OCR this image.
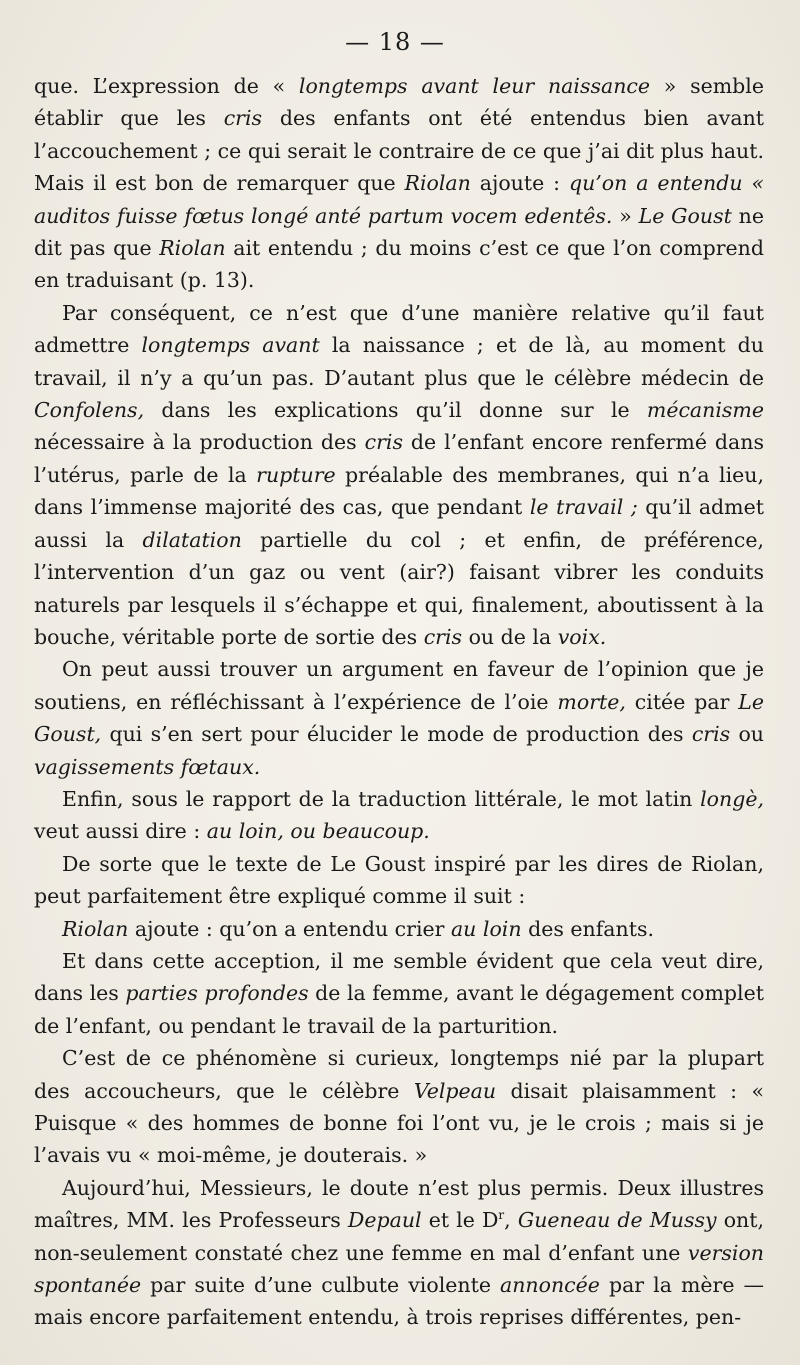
— 18 —

que. L’expression de « longtemps avant leur naissance » semble établir que les cris des enfants ont été entendus bien avant l’accouchement ; ce qui serait le contraire de ce que j’ai dit plus haut. Mais il est bon de remarquer que Riolan ajoute : qu’on a entendu « auditos fuisse fœtus longé anté partum vocem edentês. » Le Goust ne dit pas que Riolan ait entendu ; du moins c’est ce que l’on comprend en traduisant (p. 13).

Par conséquent, ce n’est que d’une manière relative qu’il faut admettre longtemps avant la naissance ; et de là, au moment du travail, il n’y a qu’un pas. D’autant plus que le célèbre médecin de Confolens, dans les explications qu’il donne sur le mécanisme nécessaire à la production des cris de l’enfant encore renfermé dans l’utérus, parle de la rupture préalable des membranes, qui n’a lieu, dans l’immense majorité des cas, que pendant le travail ; qu’il admet aussi la dilatation partielle du col ; et enfin, de préférence, l’intervention d’un gaz ou vent (air?) faisant vibrer les conduits naturels par lesquels il s’échappe et qui, finalement, aboutissent à la bouche, véritable porte de sortie des cris ou de la voix.

On peut aussi trouver un argument en faveur de l’opinion que je soutiens, en réfléchissant à l’expérience de l’oie morte, citée par Le Goust, qui s’en sert pour élucider le mode de production des cris ou vagissements fœtaux.

Enfin, sous le rapport de la traduction littérale, le mot latin longè, veut aussi dire : au loin, ou beaucoup.

De sorte que le texte de Le Goust inspiré par les dires de Riolan, peut parfaitement être expliqué comme il suit :

Riolan ajoute : qu’on a entendu crier au loin des enfants.

Et dans cette acception, il me semble évident que cela veut dire, dans les parties profondes de la femme, avant le dégagement complet de l’enfant, ou pendant le travail de la parturition.

C’est de ce phénomène si curieux, longtemps nié par la plupart des accoucheurs, que le célèbre Velpeau disait plaisamment : « Puisque « des hommes de bonne foi l’ont vu, je le crois ; mais si je l’avais vu « moi-même, je douterais. »

Aujourd’hui, Messieurs, le doute n’est plus permis. Deux illustres maîtres, MM. les Professeurs Depaul et le $D^r$, Gueneau de Mussy ont, non-seulement constaté chez une femme en mal d’enfant une version spontanée par suite d’une culbute violente annoncée par la mère — mais encore parfaitement entendu, à trois reprises différentes, pen-
